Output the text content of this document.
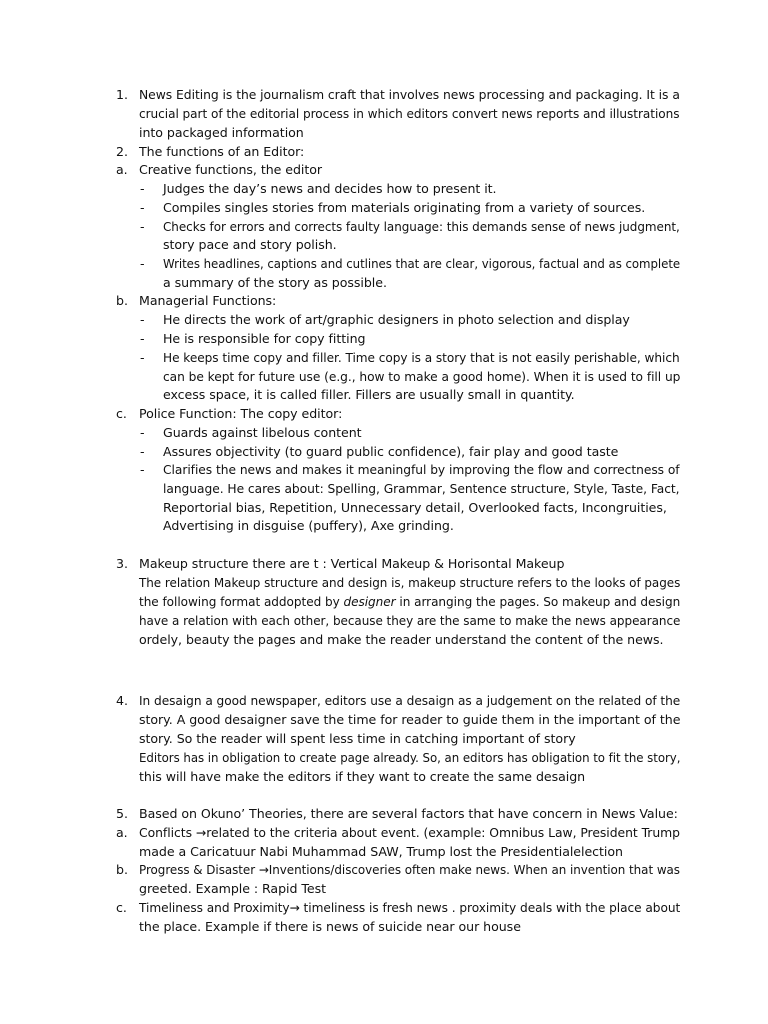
1. News Editing is the journalism craft that involves news processing and packaging. It is a
crucial part of the editorial process in which editors convert news reports and illustrations
into packaged information
2. The functions of an Editor:
a. Creative functions, the editor
- Judges the day’s news and decides how to present it.
- Compiles singles stories from materials originating from a variety of sources.
- Checks for errors and corrects faulty language: this demands sense of news judgment,
story pace and story polish.
- Writes headlines, captions and cutlines that are clear, vigorous, factual and as complete
a summary of the story as possible.
b. Managerial Functions:
- He directs the work of art/graphic designers in photo selection and display
- He is responsible for copy fitting
- He keeps time copy and filler. Time copy is a story that is not easily perishable, which
can be kept for future use (e.g., how to make a good home). When it is used to fill up
excess space, it is called filler. Fillers are usually small in quantity.
c. Police Function: The copy editor:
- Guards against libelous content
- Assures objectivity (to guard public confidence), fair play and good taste
- Clarifies the news and makes it meaningful by improving the flow and correctness of
language. He cares about: Spelling, Grammar, Sentence structure, Style, Taste, Fact,
Reportorial bias, Repetition, Unnecessary detail, Overlooked facts, Incongruities,
Advertising in disguise (puffery), Axe grinding.
3. Makeup structure there are t : Vertical Makeup & Horisontal Makeup
The relation Makeup structure and design is, makeup structure refers to the looks of pages
the following format addopted by designer in arranging the pages. So makeup and design
have a relation with each other, because they are the same to make the news appearance
ordely, beauty the pages and make the reader understand the content of the news.
4. In desaign a good newspaper, editors use a desaign as a judgement on the related of the
story. A good desaigner save the time for reader to guide them in the important of the
story. So the reader will spent less time in catching important of story
Editors has in obligation to create page already. So, an editors has obligation to fit the story,
this will have make the editors if they want to create the same desaign
5. Based on Okuno’ Theories, there are several factors that have concern in News Value:
a. Conflicts →related to the criteria about event. (example: Omnibus Law, President Trump
made a Caricatuur Nabi Muhammad SAW, Trump lost the Presidentialelection
b. Progress & Disaster →Inventions/discoveries often make news. When an invention that was
greeted. Example : Rapid Test
c. Timeliness and Proximity→ timeliness is fresh news . proximity deals with the place about
the place. Example if there is news of suicide near our house
